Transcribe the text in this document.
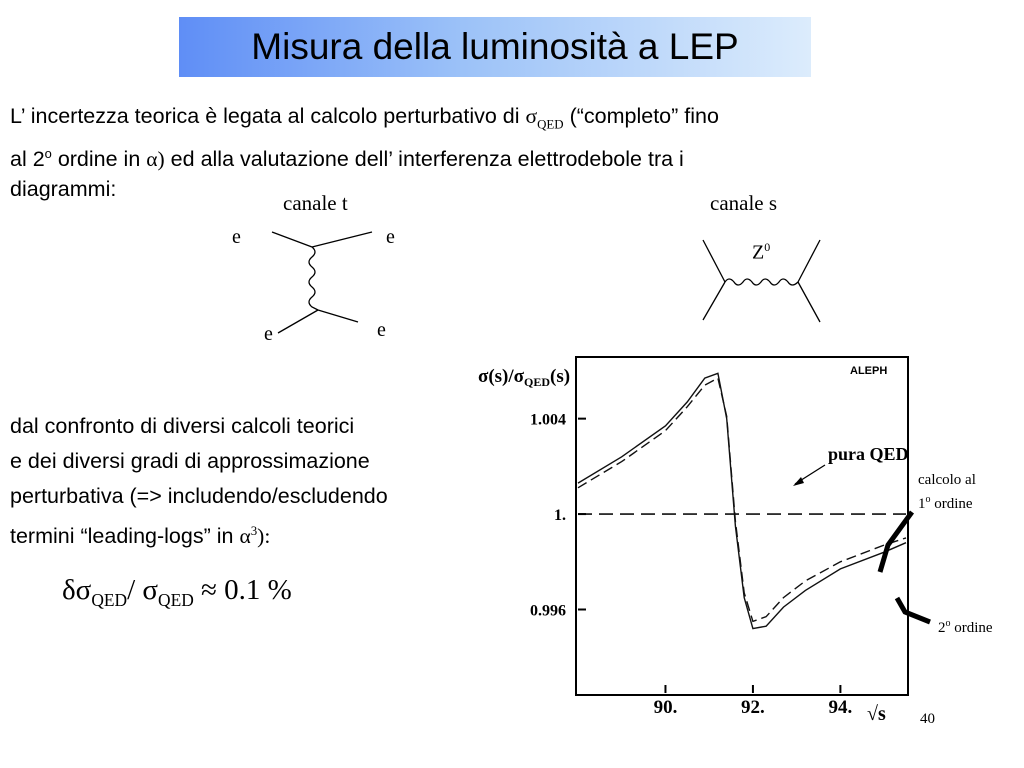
Misura della luminosità a LEP
L’ incertezza teorica è legata al calcolo perturbativo di $\sigma_{QED}$ (“completo” fino
al 2$^o$ ordine in α) ed alla valutazione dell’ interferenza elettrodebole tra i
diagrammi:
canale t	canale s
e	e
e	e
$Z^0$
dal confronto di diversi calcoli teorici
e dei diversi gradi di approssimazione
perturbativa (=> includendo/escludendo
termini “leading-logs” in $\alpha^3$):
$\delta\sigma_{QED}/$ $\sigma_{QED} \approx 0.1$ %
1.004
1.
0.996
90.	92.	94.
ALEPH
$\sigma(s)/\sigma_{QED}(s)$
√s
pura QED
calcolo al
1$^o$ ordine
2$^o$ ordine
40
